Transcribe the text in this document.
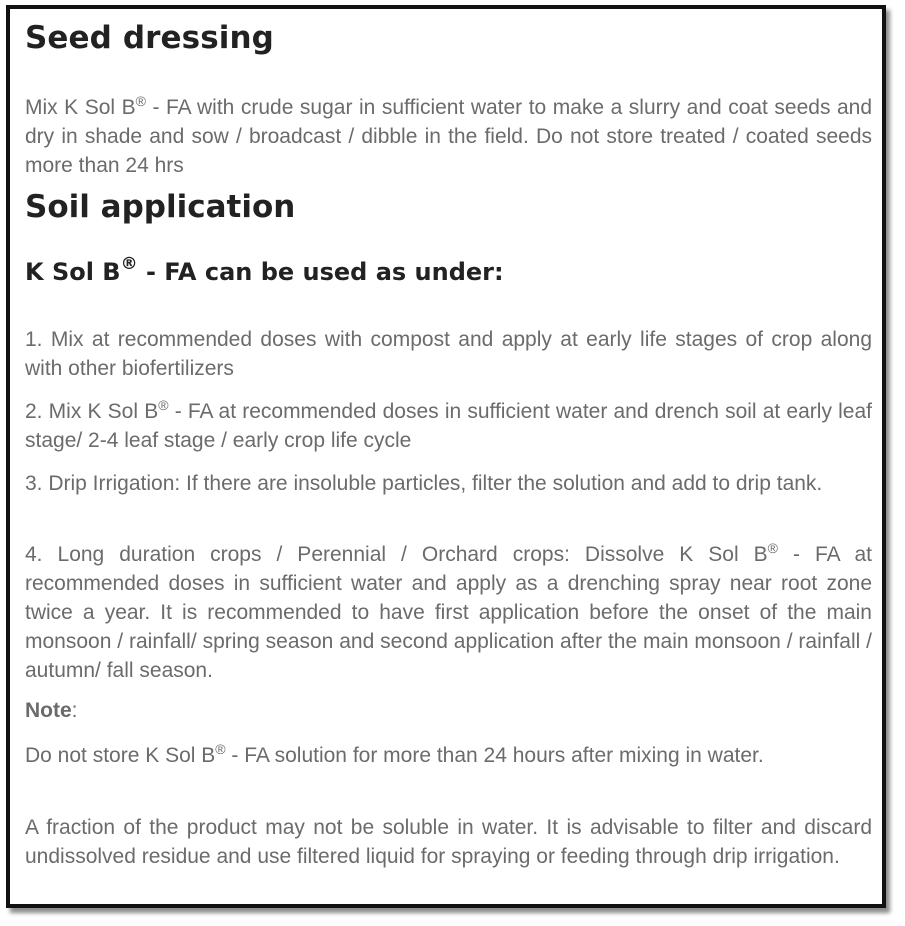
Seed dressing

Mix K Sol B® - FA with crude sugar in sufficient water to make a slurry and coat seeds and dry in shade and sow / broadcast / dibble in the field. Do not store treated / coated seeds more than 24 hrs

Soil application
K Sol B® - FA can be used as under:

1. Mix at recommended doses with compost and apply at early life stages of crop along with other biofertilizers

2. Mix K Sol B® - FA at recommended doses in sufficient water and drench soil at early leaf stage/ 2-4 leaf stage / early crop life cycle

3. Drip Irrigation: If there are insoluble particles, filter the solution and add to drip tank.

4. Long duration crops / Perennial / Orchard crops: Dissolve K Sol B® - FA at recommended doses in sufficient water and apply as a drenching spray near root zone twice a year. It is recommended to have first application before the onset of the main monsoon / rainfall/ spring season and second application after the main monsoon / rainfall / autumn/ fall season.

Note:

Do not store K Sol B® - FA solution for more than 24 hours after mixing in water.

A fraction of the product may not be soluble in water. It is advisable to filter and discard undissolved residue and use filtered liquid for spraying or feeding through drip irrigation.
